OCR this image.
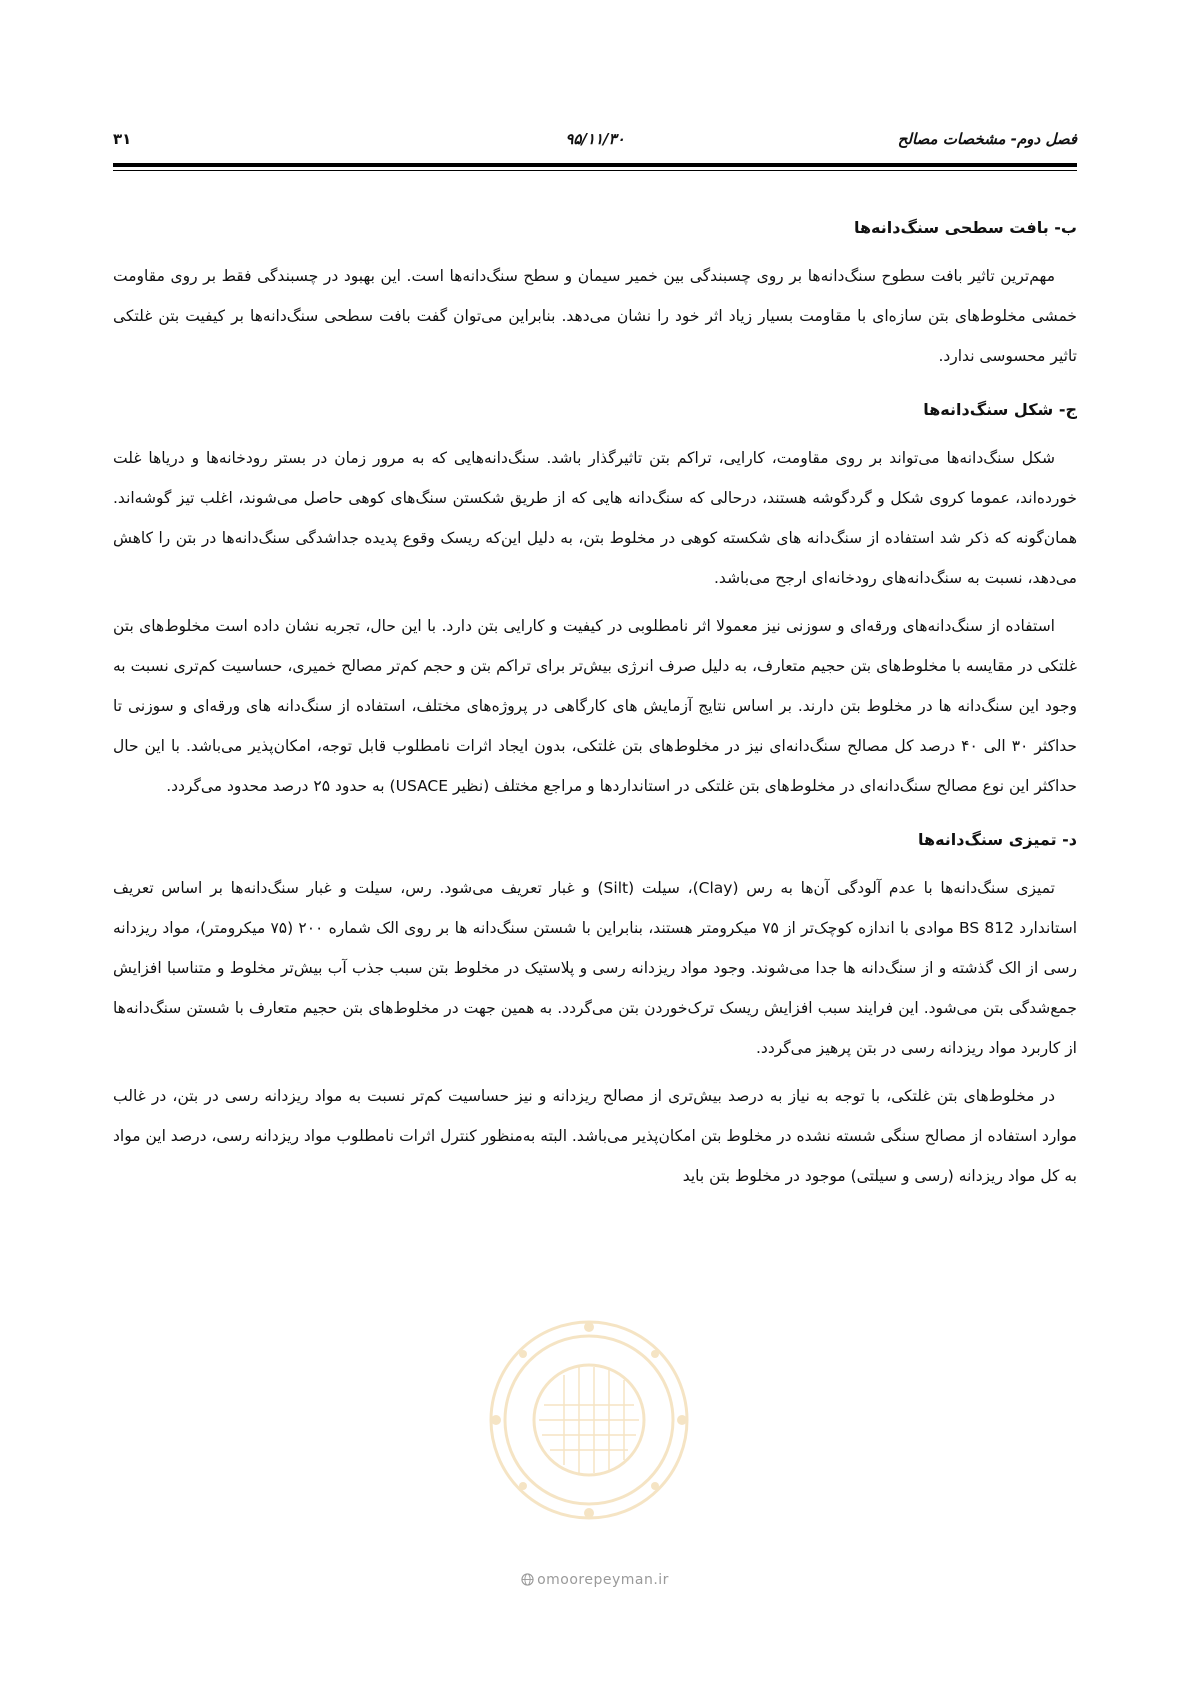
فصل دوم- مشخصات مصالح
۹۵/۱۱/۳۰
۳۱
ب- بافت سطحی سنگ‌دانه‌ها

مهم‌ترین تاثیر بافت سطوح سنگ‌دانه‌ها بر روی چسبندگی بین خمیر سیمان و سطح سنگ‌دانه‌ها است. این بهبود در چسبندگی فقط بر روی مقاومت خمشی مخلوط‌های بتن سازه‌ای با مقاومت بسیار زیاد اثر خود را نشان می‌دهد. بنابراین می‌توان گفت بافت سطحی سنگ‌دانه‌ها بر کیفیت بتن غلتکی تاثیر محسوسی ندارد.

ج- شکل سنگ‌دانه‌ها

شکل سنگ‌دانه‌ها می‌تواند بر روی مقاومت، کارایی، تراکم بتن تاثیرگذار باشد. سنگ‌دانه‌هایی که به مرور زمان در بستر رودخانه‌ها و دریاها غلت خورده‌اند، عموما کروی شکل و گردگوشه هستند، درحالی که سنگ‌دانه هایی که از طریق شکستن سنگ‌های کوهی حاصل می‌شوند، اغلب تیز گوشه‌اند. همان‌گونه که ذکر شد استفاده از سنگ‌دانه های شکسته کوهی در مخلوط بتن، به دلیل این‌که ریسک وقوع پدیده جداشدگی سنگ‌دانه‌ها در بتن را کاهش می‌دهد، نسبت به سنگ‌دانه‌های رودخانه‌ای ارجح می‌باشد.

استفاده از سنگ‌دانه‌های ورقه‌ای و سوزنی نیز معمولا اثر نامطلوبی در کیفیت و کارایی بتن دارد. با این حال، تجربه نشان داده است مخلوط‌های بتن غلتکی در مقایسه با مخلوط‌های بتن حجیم متعارف، به دلیل صرف انرژی بیش‌تر برای تراکم بتن و حجم کم‌تر مصالح خمیری، حساسیت کم‌تری نسبت به وجود این سنگ‌دانه ها در مخلوط بتن دارند. بر اساس نتایج آزمایش های کارگاهی در پروژه‌های مختلف، استفاده از سنگ‌دانه های ورقه‌ای و سوزنی تا حداکثر ۳۰ الی ۴۰ درصد کل مصالح سنگ‌دانه‌ای نیز در مخلوط‌های بتن غلتکی، بدون ایجاد اثرات نامطلوب قابل توجه، امکان‌پذیر می‌باشد. با این حال حداکثر این نوع مصالح سنگ‌دانه‌ای در مخلوط‌های بتن غلتکی در استانداردها و مراجع مختلف (نظیر USACE) به حدود ۲۵ درصد محدود می‌گردد.

د- تمیزی سنگ‌دانه‌ها

تمیزی سنگ‌دانه‌ها با عدم آلودگی آن‌ها به رس (Clay)، سیلت (Silt) و غبار تعریف می‌شود. رس، سیلت و غبار سنگ‌دانه‌ها بر اساس تعریف استاندارد BS 812 موادی با اندازه کوچک‌تر از ۷۵ میکرومتر هستند، بنابراین با شستن سنگ‌دانه ها بر روی الک شماره ۲۰۰ (۷۵ میکرومتر)، مواد ریزدانه رسی از الک گذشته و از سنگ‌دانه ها جدا می‌شوند. وجود مواد ریزدانه رسی و پلاستیک در مخلوط بتن سبب جذب آب بیش‌تر مخلوط و متناسبا افزایش جمع‌شدگی بتن می‌شود. این فرایند سبب افزایش ریسک ترک‌خوردن بتن می‌گردد. به همین جهت در مخلوط‌های بتن حجیم متعارف با شستن سنگ‌دانه‌ها از کاربرد مواد ریزدانه رسی در بتن پرهیز می‌گردد.

در مخلوط‌های بتن غلتکی، با توجه به نیاز به درصد بیش‌تری از مصالح ریزدانه و نیز حساسیت کم‌تر نسبت به مواد ریزدانه رسی در بتن، در غالب موارد استفاده از مصالح سنگی شسته نشده در مخلوط بتن امکان‌پذیر می‌باشد. البته به‌منظور کنترل اثرات نامطلوب مواد ریزدانه رسی، درصد این مواد به کل مواد ریزدانه (رسی و سیلتی) موجود در مخلوط بتن باید

omoorepeyman.ir
